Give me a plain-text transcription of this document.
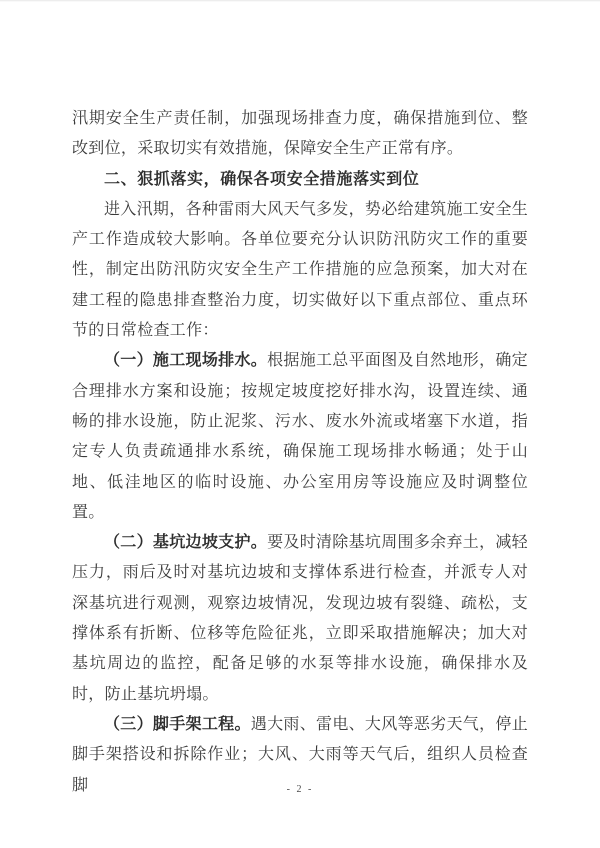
汛期安全生产责任制，加强现场排查力度，确保措施到位、整改到位，采取切实有效措施，保障安全生产正常有序。

二、狠抓落实，确保各项安全措施落实到位

进入汛期，各种雷雨大风天气多发，势必给建筑施工安全生产工作造成较大影响。各单位要充分认识防汛防灾工作的重要性，制定出防汛防灾安全生产工作措施的应急预案，加大对在建工程的隐患排查整治力度，切实做好以下重点部位、重点环节的日常检查工作：

（一）施工现场排水。根据施工总平面图及自然地形，确定合理排水方案和设施；按规定坡度挖好排水沟，设置连续、通畅的排水设施，防止泥浆、污水、废水外流或堵塞下水道，指定专人负责疏通排水系统，确保施工现场排水畅通；处于山地、低洼地区的临时设施、办公室用房等设施应及时调整位置。

（二）基坑边坡支护。要及时清除基坑周围多余弃土，减轻压力，雨后及时对基坑边坡和支撑体系进行检查，并派专人对深基坑进行观测，观察边坡情况，发现边坡有裂缝、疏松，支撑体系有折断、位移等危险征兆，立即采取措施解决；加大对基坑周边的监控，配备足够的水泵等排水设施，确保排水及时，防止基坑坍塌。

（三）脚手架工程。遇大雨、雷电、大风等恶劣天气，停止脚手架搭设和拆除作业；大风、大雨等天气后，组织人员检查脚	- 2 -
